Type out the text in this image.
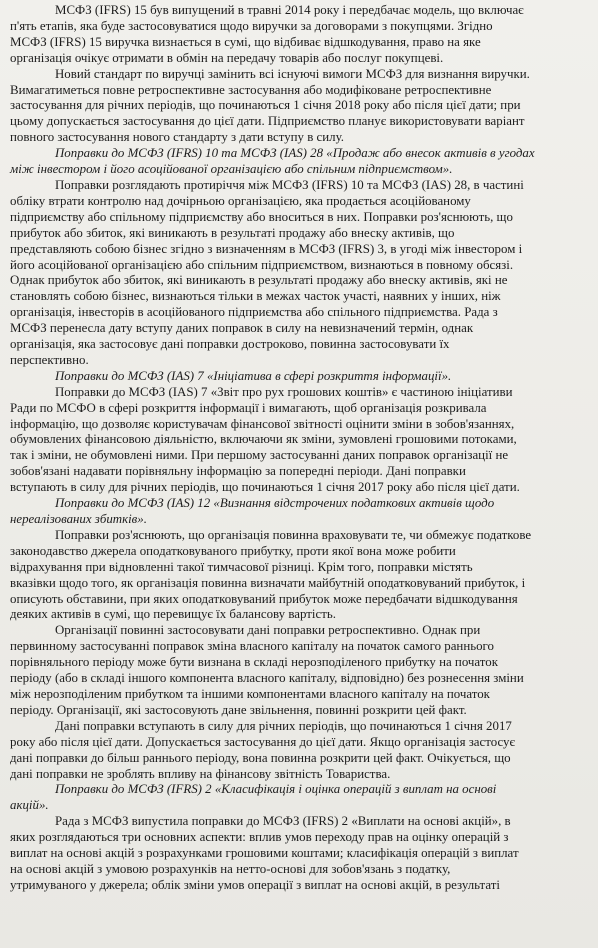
МСФЗ (IFRS) 15 був випущений в травні 2014 року і передбачає модель, що включає
п'ять етапів, яка буде застосовуватися щодо виручки за договорами з покупцями. Згідно
МСФЗ (IFRS) 15 виручка визнається в сумі, що відбиває відшкодування, право на яке
організація очікує отримати в обмін на передачу товарів або послуг покупцеві.

Новий стандарт по виручці замінить всі існуючі вимоги МСФЗ для визнання виручки.
Вимагатиметься повне ретроспективне застосування або модифіковане ретроспективне
застосування для річних періодів, що починаються 1 січня 2018 року або після цієї дати; при
цьому допускається застосування до цієї дати. Підприємство планує використовувати варіант
повного застосування нового стандарту з дати вступу в силу.

Поправки до МСФЗ (IFRS) 10 та МСФЗ (IAS) 28 «Продаж або внесок активів в угодах
між інвестором і його асоційованої організацією або спільним підприємством».

Поправки розглядають протиріччя між МСФЗ (IFRS) 10 та МСФЗ (IAS) 28, в частині
обліку втрати контролю над дочірньою організацією, яка продається асоційованому
підприємству або спільному підприємству або вноситься в них. Поправки роз'яснюють, що
прибуток або збиток, які виникають в результаті продажу або внеску активів, що
представляють собою бізнес згідно з визначенням в МСФЗ (IFRS) 3, в угоді між інвестором і
його асоційованої організацією або спільним підприємством, визнаються в повному обсязі.
Однак прибуток або збиток, які виникають в результаті продажу або внеску активів, які не
становлять собою бізнес, визнаються тільки в межах часток участі, наявних у інших, ніж
організація, інвесторів в асоційованого підприємства або спільного підприємства. Рада з
МСФЗ перенесла дату вступу даних поправок в силу на невизначений термін, однак
організація, яка застосовує дані поправки достроково, повинна застосовувати їх
перспективно.

Поправки до МСФЗ (IAS) 7 «Ініціатива в сфері розкриття інформації».

Поправки до МСФЗ (IAS) 7 «Звіт про рух грошових коштів» є частиною ініціативи
Ради по МСФО в сфері розкриття інформації і вимагають, щоб організація розкривала
інформацію, що дозволяє користувачам фінансової звітності оцінити зміни в зобов'язаннях,
обумовлених фінансовою діяльністю, включаючи як зміни, зумовлені грошовими потоками,
так і зміни, не обумовлені ними. При першому застосуванні даних поправок організації не
зобов'язані надавати порівняльну інформацію за попередні періоди. Дані поправки
вступають в силу для річних періодів, що починаються 1 січня 2017 року або після цієї дати.

Поправки до МСФЗ (IAS) 12 «Визнання відстрочених податкових активів щодо
нереалізованих збитків».

Поправки роз'яснюють, що організація повинна враховувати те, чи обмежує податкове
законодавство джерела оподатковуваного прибутку, проти якої вона може робити
відрахування при відновленні такої тимчасової різниці. Крім того, поправки містять
вказівки щодо того, як організація повинна визначати майбутній оподатковуваний прибуток, і
описують обставини, при яких оподатковуваний прибуток може передбачати відшкодування
деяких активів в сумі, що перевищує їх балансову вартість.

Організації повинні застосовувати дані поправки ретроспективно. Однак при
первинному застосуванні поправок зміна власного капіталу на початок самого раннього
порівняльного періоду може бути визнана в складі нерозподіленого прибутку на початок
періоду (або в складі іншого компонента власного капіталу, відповідно) без рознесення зміни
між нерозподіленим прибутком та іншими компонентами власного капіталу на початок
періоду. Організації, які застосовують дане звільнення, повинні розкрити цей факт.

Дані поправки вступають в силу для річних періодів, що починаються 1 січня 2017
року або після цієї дати. Допускається застосування до цієї дати. Якщо організація застосує
дані поправки до більш раннього періоду, вона повинна розкрити цей факт. Очікується, що
дані поправки не зроблять впливу на фінансову звітність Товариства.

Поправки до МСФЗ (IFRS) 2 «Класифікація і оцінка операцій з виплат на основі
акцій».

Рада з МСФЗ випустила поправки до МСФЗ (IFRS) 2 «Виплати на основі акцій», в
яких розглядаються три основних аспекти: вплив умов переходу прав на оцінку операцій з
виплат на основі акцій з розрахунками грошовими коштами; класифікація операцій з виплат
на основі акцій з умовою розрахунків на нетто-основі для зобов'язань з податку,
утримуваного у джерела; облік зміни умов операції з виплат на основі акцій, в результаті
